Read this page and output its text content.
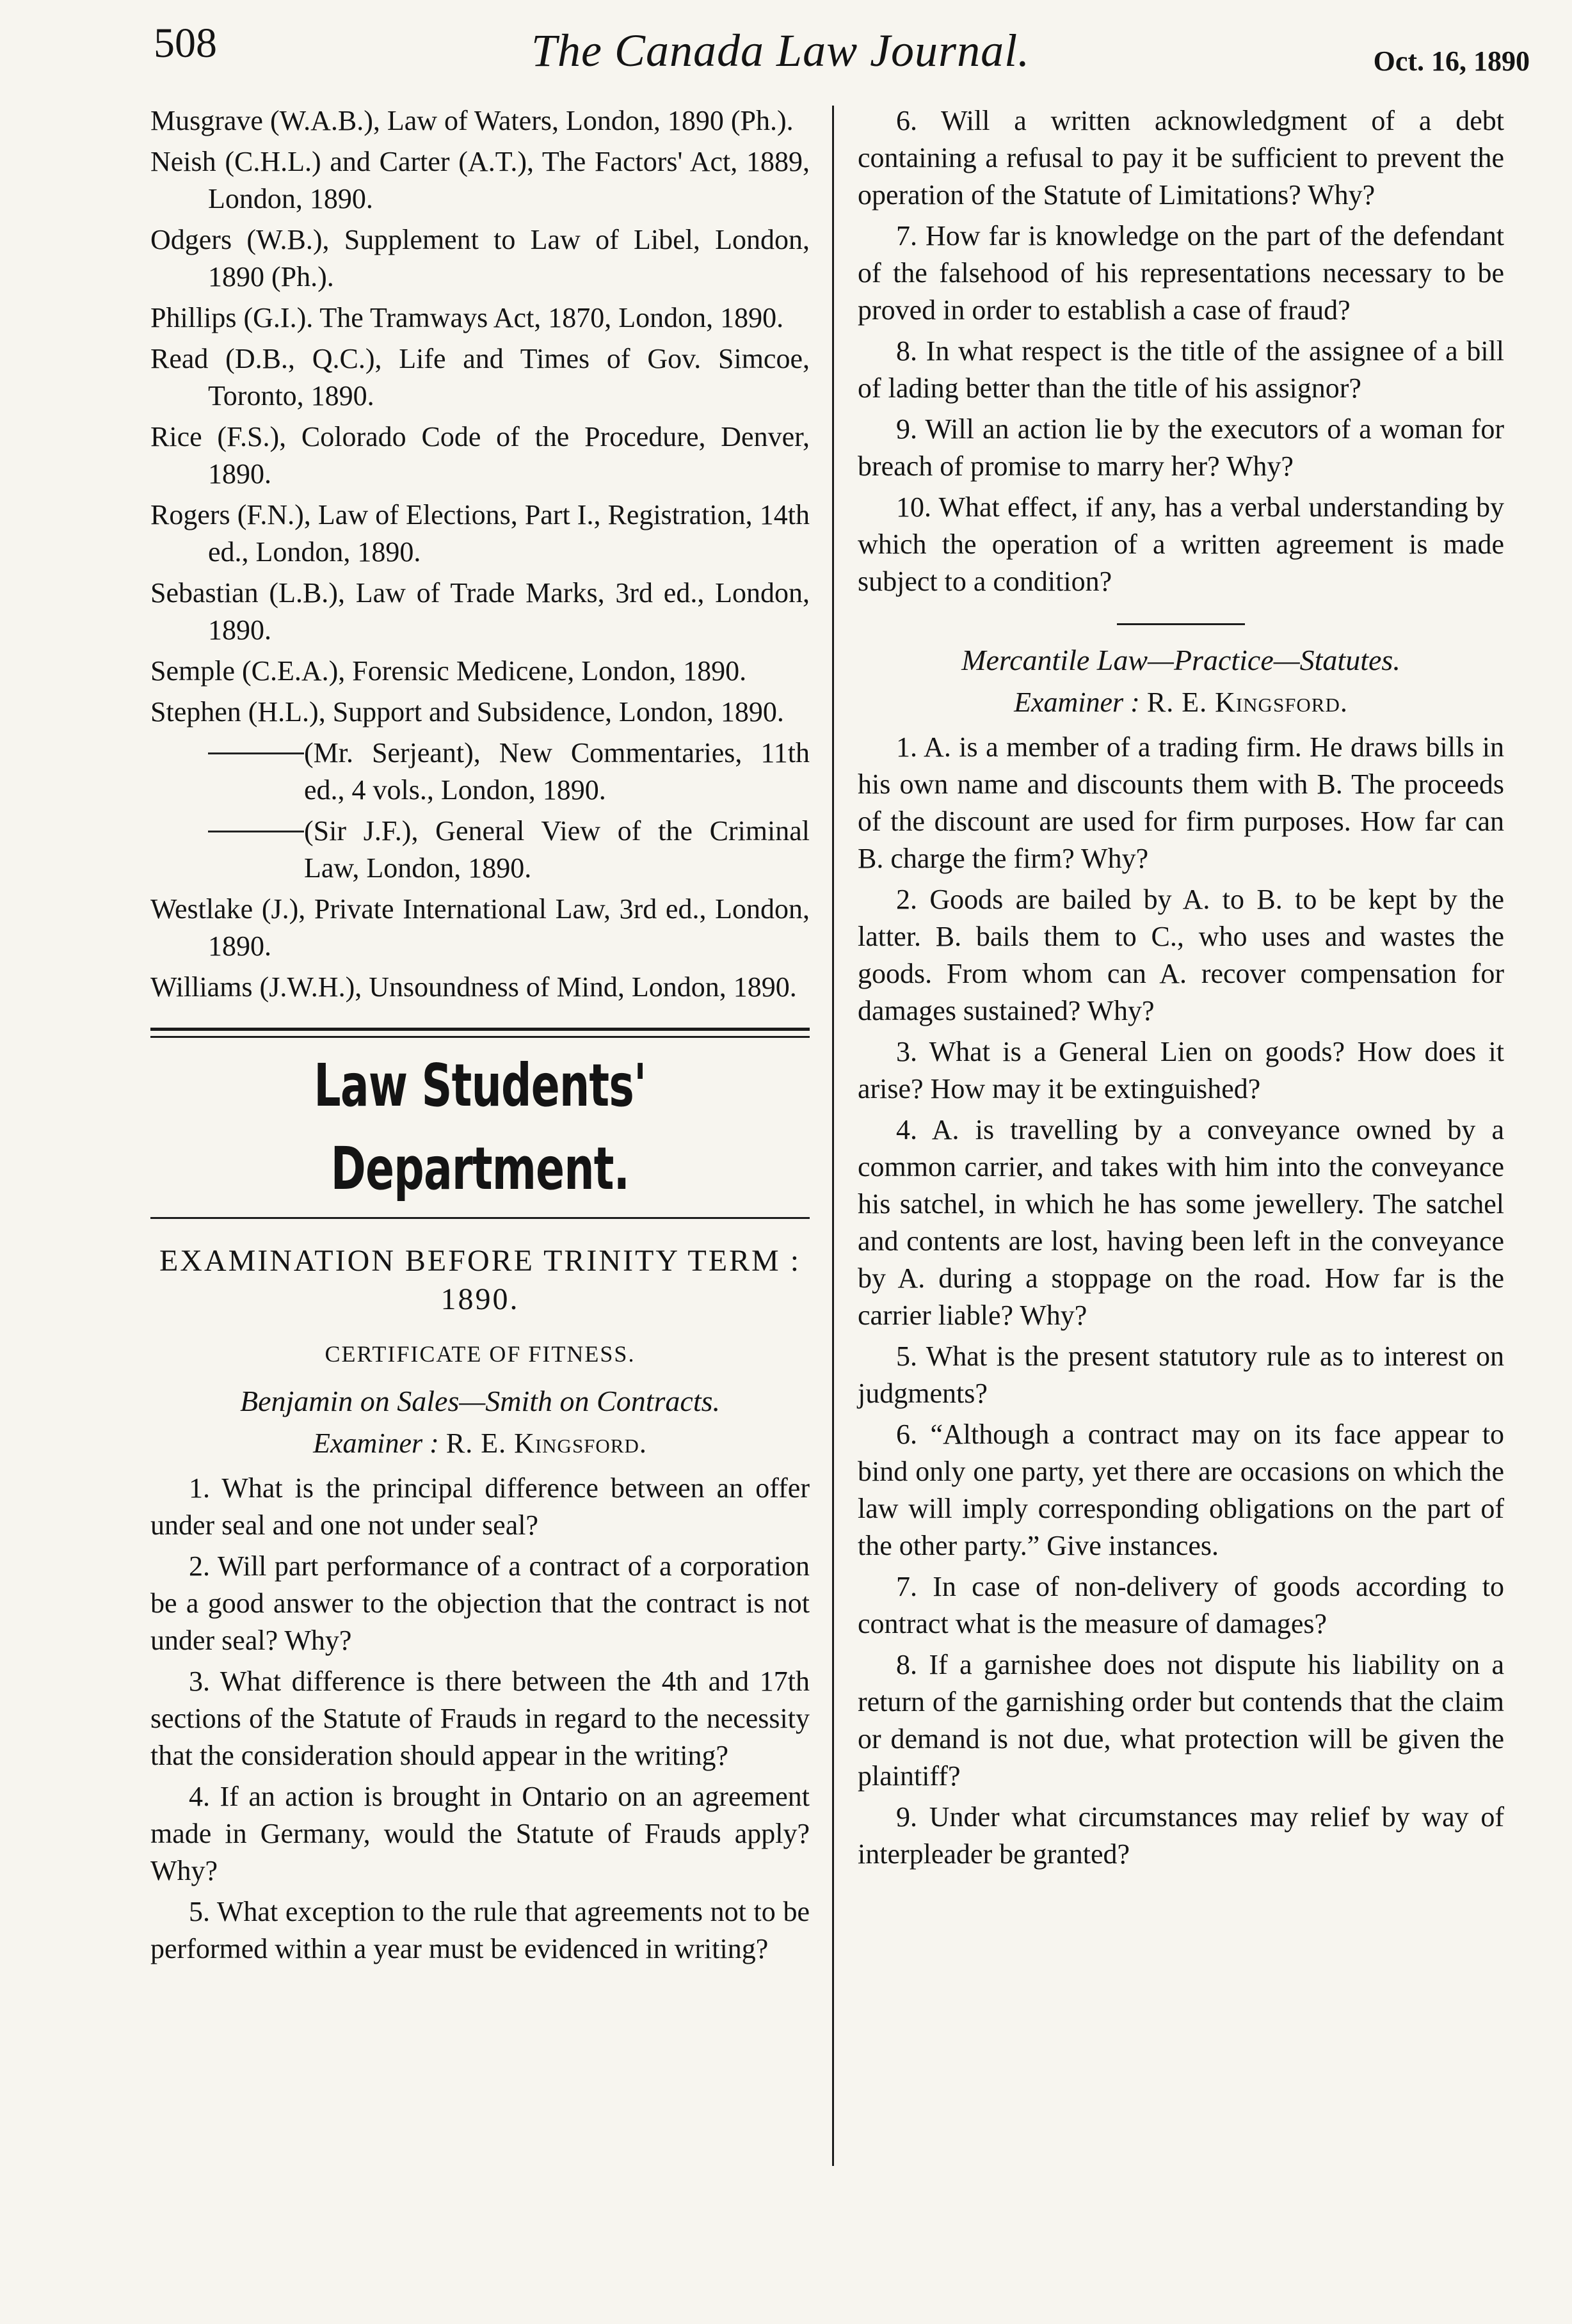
508	The Canada Law Journal.	Oct. 16, 1890

Musgrave (W.A.B.), Law of Waters, London, 1890 (Ph.).

Neish (C.H.L.) and Carter (A.T.), The Factors' Act, 1889, London, 1890.

Odgers (W.B.), Supplement to Law of Libel, London, 1890 (Ph.).

Phillips (G.I.). The Tramways Act, 1870, London, 1890.

Read (D.B., Q.C.), Life and Times of Gov. Simcoe, Toronto, 1890.

Rice (F.S.), Colorado Code of the Procedure, Denver, 1890.

Rogers (F.N.), Law of Elections, Part I., Registration, 14th ed., London, 1890.

Sebastian (L.B.), Law of Trade Marks, 3rd ed., London, 1890.

Semple (C.E.A.), Forensic Medicene, London, 1890.

Stephen (H.L.), Support and Subsidence, London, 1890.

(Mr. Serjeant), New Commentaries, 11th ed., 4 vols., London, 1890.

(Sir J.F.), General View of the Criminal Law, London, 1890.

Westlake (J.), Private International Law, 3rd ed., London, 1890.

Williams (J.W.H.), Unsoundness of Mind, London, 1890.

Law Students' Department.
EXAMINATION BEFORE TRINITY TERM : 1890.
CERTIFICATE OF FITNESS.
Benjamin on Sales—Smith on Contracts.
Examiner : R. E. Kingsford.

1. What is the principal difference between an offer under seal and one not under seal?

2. Will part performance of a contract of a corporation be a good answer to the objection that the contract is not under seal? Why?

3. What difference is there between the 4th and 17th sections of the Statute of Frauds in regard to the necessity that the consideration should appear in the writing?

4. If an action is brought in Ontario on an agreement made in Germany, would the Statute of Frauds apply? Why?

5. What exception to the rule that agreements not to be performed within a year must be evidenced in writing?

6. Will a written acknowledgment of a debt containing a refusal to pay it be sufficient to prevent the operation of the Statute of Limitations? Why?

7. How far is knowledge on the part of the defendant of the falsehood of his representations necessary to be proved in order to establish a case of fraud?

8. In what respect is the title of the assignee of a bill of lading better than the title of his assignor?

9. Will an action lie by the executors of a woman for breach of promise to marry her? Why?

10. What effect, if any, has a verbal understanding by which the operation of a written agreement is made subject to a condition?

Mercantile Law—Practice—Statutes.
Examiner : R. E. Kingsford.

1. A. is a member of a trading firm. He draws bills in his own name and discounts them with B. The proceeds of the discount are used for firm purposes. How far can B. charge the firm? Why?

2. Goods are bailed by A. to B. to be kept by the latter. B. bails them to C., who uses and wastes the goods. From whom can A. recover compensation for damages sustained? Why?

3. What is a General Lien on goods? How does it arise? How may it be extinguished?

4. A. is travelling by a conveyance owned by a common carrier, and takes with him into the conveyance his satchel, in which he has some jewellery. The satchel and contents are lost, having been left in the conveyance by A. during a stoppage on the road. How far is the carrier liable? Why?

5. What is the present statutory rule as to interest on judgments?

6. “Although a contract may on its face appear to bind only one party, yet there are occasions on which the law will imply corresponding obligations on the part of the other party.” Give instances.

7. In case of non-delivery of goods according to contract what is the measure of damages?

8. If a garnishee does not dispute his liability on a return of the garnishing order but contends that the claim or demand is not due, what protection will be given the plaintiff?

9. Under what circumstances may relief by way of interpleader be granted?
